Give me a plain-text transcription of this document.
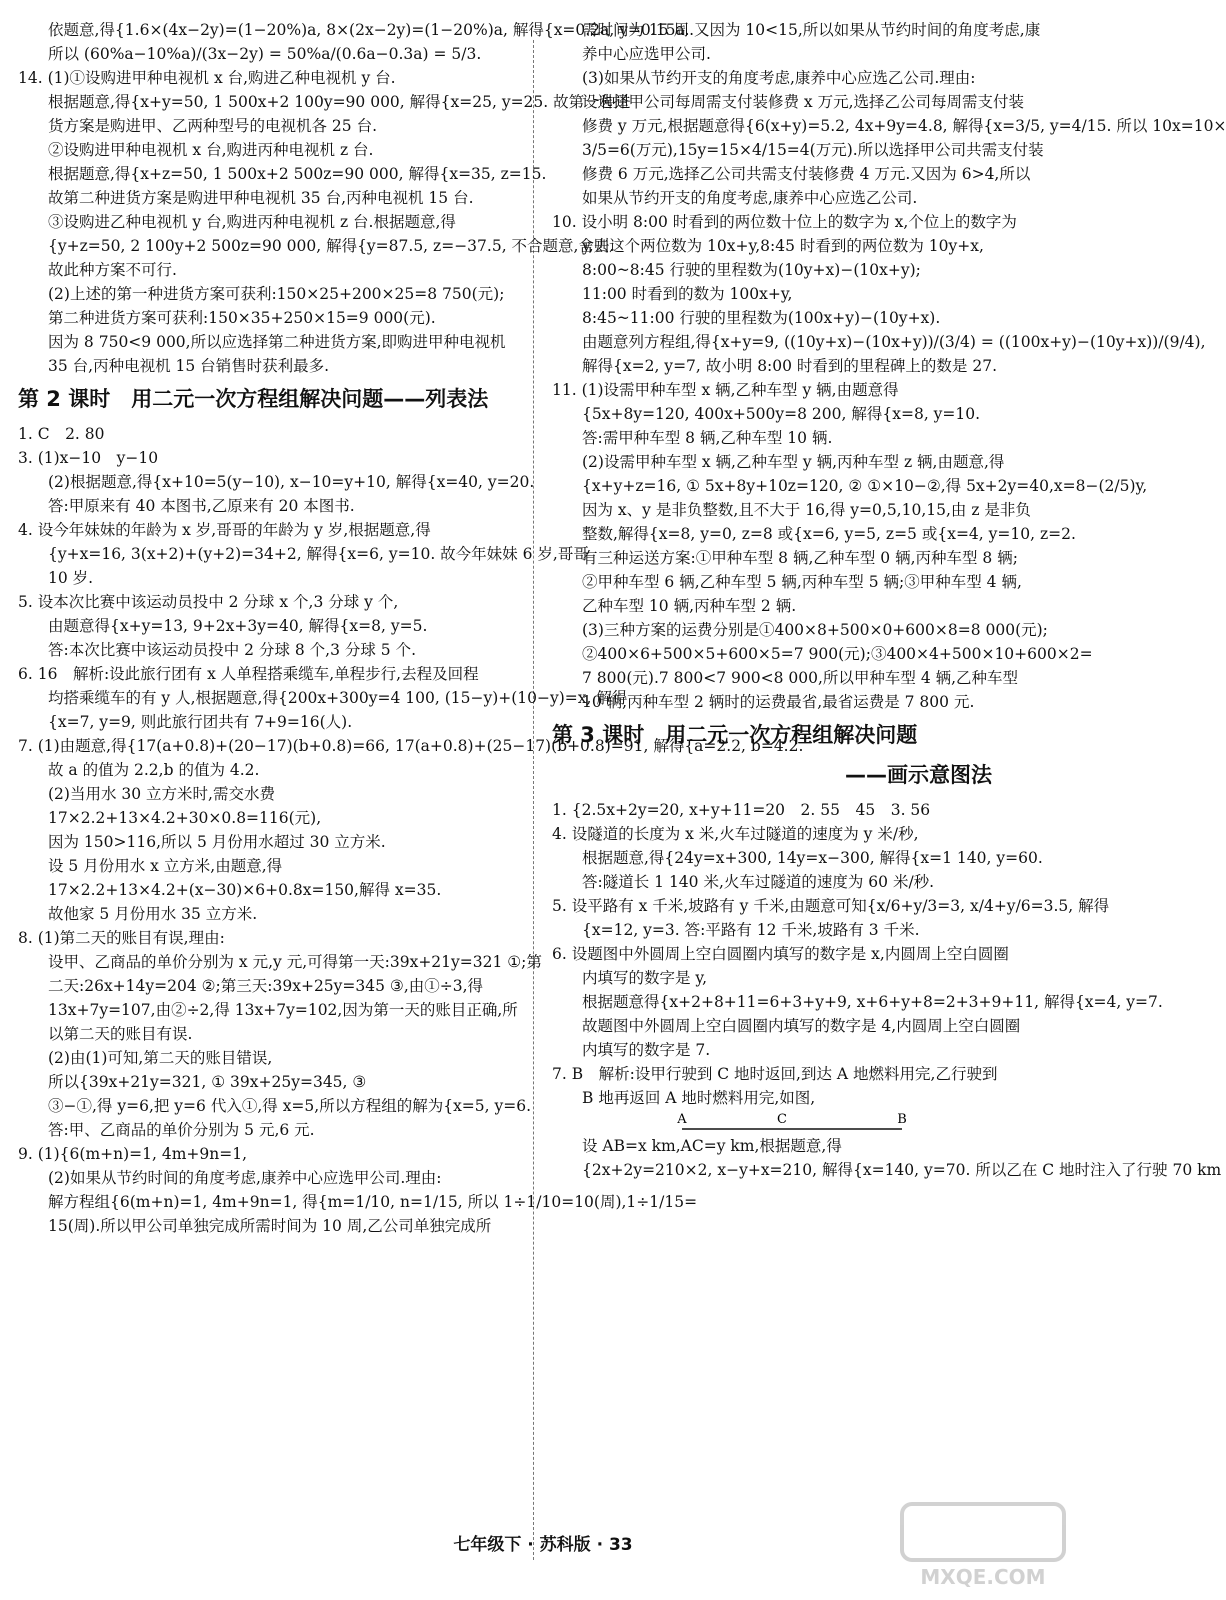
依题意,得{1.6×(4x−2y)=(1−20%)a, 8×(2x−2y)=(1−20%)a, 解得{x=0.2a, y=0.15a.
所以 (60%a−10%a)/(3x−2y) = 50%a/(0.6a−0.3a) = 5/3.
14. (1)①设购进甲种电视机 x 台,购进乙种电视机 y 台.
根据题意,得{x+y=50, 1 500x+2 100y=90 000, 解得{x=25, y=25. 故第一种进
货方案是购进甲、乙两种型号的电视机各 25 台.
②设购进甲种电视机 x 台,购进丙种电视机 z 台.
根据题意,得{x+z=50, 1 500x+2 500z=90 000, 解得{x=35, z=15.
故第二种进货方案是购进甲种电视机 35 台,丙种电视机 15 台.
③设购进乙种电视机 y 台,购进丙种电视机 z 台.根据题意,得
{y+z=50, 2 100y+2 500z=90 000, 解得{y=87.5, z=−37.5, 不合题意,舍去.
故此种方案不可行.
(2)上述的第一种进货方案可获利:150×25+200×25=8 750(元);
第二种进货方案可获利:150×35+250×15=9 000(元).
因为 8 750<9 000,所以应选择第二种进货方案,即购进甲种电视机
35 台,丙种电视机 15 台销售时获利最多.
第 2 课时　用二元一次方程组解决问题——列表法
1. C　2. 80
3. (1)x−10　y−10
(2)根据题意,得{x+10=5(y−10), x−10=y+10, 解得{x=40, y=20.
答:甲原来有 40 本图书,乙原来有 20 本图书.
4. 设今年妹妹的年龄为 x 岁,哥哥的年龄为 y 岁,根据题意,得
{y+x=16, 3(x+2)+(y+2)=34+2, 解得{x=6, y=10. 故今年妹妹 6 岁,哥哥
10 岁.
5. 设本次比赛中该运动员投中 2 分球 x 个,3 分球 y 个,
由题意得{x+y=13, 9+2x+3y=40, 解得{x=8, y=5.
答:本次比赛中该运动员投中 2 分球 8 个,3 分球 5 个.
6. 16　解析:设此旅行团有 x 人单程搭乘缆车,单程步行,去程及回程
均搭乘缆车的有 y 人,根据题意,得{200x+300y=4 100, (15−y)+(10−y)=x, 解得
{x=7, y=9, 则此旅行团共有 7+9=16(人).
7. (1)由题意,得{17(a+0.8)+(20−17)(b+0.8)=66, 17(a+0.8)+(25−17)(b+0.8)=91, 解得{a=2.2, b=4.2.
故 a 的值为 2.2,b 的值为 4.2.
(2)当用水 30 立方米时,需交水费
17×2.2+13×4.2+30×0.8=116(元),
因为 150>116,所以 5 月份用水超过 30 立方米.
设 5 月份用水 x 立方米,由题意,得
17×2.2+13×4.2+(x−30)×6+0.8x=150,解得 x=35.
故他家 5 月份用水 35 立方米.
8. (1)第二天的账目有误,理由:
设甲、乙商品的单价分别为 x 元,y 元,可得第一天:39x+21y=321 ①;第
二天:26x+14y=204 ②;第三天:39x+25y=345 ③,由①÷3,得
13x+7y=107,由②÷2,得 13x+7y=102,因为第一天的账目正确,所
以第二天的账目有误.
(2)由(1)可知,第二天的账目错误,
所以{39x+21y=321, ① 39x+25y=345, ③
③−①,得 y=6,把 y=6 代入①,得 x=5,所以方程组的解为{x=5, y=6.
答:甲、乙商品的单价分别为 5 元,6 元.
9. (1){6(m+n)=1, 4m+9n=1,
(2)如果从节约时间的角度考虑,康养中心应选甲公司.理由:
解方程组{6(m+n)=1, 4m+9n=1, 得{m=1/10, n=1/15, 所以 1÷1/10=10(周),1÷1/15=
15(周).所以甲公司单独完成所需时间为 10 周,乙公司单独完成所
需时间为 15 周.又因为 10<15,所以如果从节约时间的角度考虑,康
养中心应选甲公司.
(3)如果从节约开支的角度考虑,康养中心应选乙公司.理由:
设选择甲公司每周需支付装修费 x 万元,选择乙公司每周需支付装
修费 y 万元,根据题意得{6(x+y)=5.2, 4x+9y=4.8, 解得{x=3/5, y=4/15. 所以 10x=10×
3/5=6(万元),15y=15×4/15=4(万元).所以选择甲公司共需支付装
修费 6 万元,选择乙公司共需支付装修费 4 万元.又因为 6>4,所以
如果从节约开支的角度考虑,康养中心应选乙公司.
10. 设小明 8:00 时看到的两位数十位上的数字为 x,个位上的数字为
y,则这个两位数为 10x+y,8:45 时看到的两位数为 10y+x,
8:00~8:45 行驶的里程数为(10y+x)−(10x+y);
11:00 时看到的数为 100x+y,
8:45~11:00 行驶的里程数为(100x+y)−(10y+x).
由题意列方程组,得{x+y=9, ((10y+x)−(10x+y))/(3/4) = ((100x+y)−(10y+x))/(9/4),
解得{x=2, y=7, 故小明 8:00 时看到的里程碑上的数是 27.
11. (1)设需甲种车型 x 辆,乙种车型 y 辆,由题意得
{5x+8y=120, 400x+500y=8 200, 解得{x=8, y=10.
答:需甲种车型 8 辆,乙种车型 10 辆.
(2)设需甲种车型 x 辆,乙种车型 y 辆,丙种车型 z 辆,由题意,得
{x+y+z=16, ① 5x+8y+10z=120, ② ①×10−②,得 5x+2y=40,x=8−(2/5)y,
因为 x、y 是非负整数,且不大于 16,得 y=0,5,10,15,由 z 是非负
整数,解得{x=8, y=0, z=8 或{x=6, y=5, z=5 或{x=4, y=10, z=2.
有三种运送方案:①甲种车型 8 辆,乙种车型 0 辆,丙种车型 8 辆;
②甲种车型 6 辆,乙种车型 5 辆,丙种车型 5 辆;③甲种车型 4 辆,
乙种车型 10 辆,丙种车型 2 辆.
(3)三种方案的运费分别是①400×8+500×0+600×8=8 000(元);
②400×6+500×5+600×5=7 900(元);③400×4+500×10+600×2=
7 800(元).7 800<7 900<8 000,所以甲种车型 4 辆,乙种车型
10 辆,丙种车型 2 辆时的运费最省,最省运费是 7 800 元.
第 3 课时　用二元一次方程组解决问题
——画示意图法
1. {2.5x+2y=20, x+y+11=20　2. 55　45　3. 56
4. 设隧道的长度为 x 米,火车过隧道的速度为 y 米/秒,
根据题意,得{24y=x+300, 14y=x−300, 解得{x=1 140, y=60.
答:隧道长 1 140 米,火车过隧道的速度为 60 米/秒.
5. 设平路有 x 千米,坡路有 y 千米,由题意可知{x/6+y/3=3, x/4+y/6=3.5, 解得
{x=12, y=3. 答:平路有 12 千米,坡路有 3 千米.
6. 设题图中外圆周上空白圆圈内填写的数字是 x,内圆周上空白圆圈
内填写的数字是 y,
根据题意得{x+2+8+11=6+3+y+9, x+6+y+8=2+3+9+11, 解得{x=4, y=7.
故题图中外圆周上空白圆圈内填写的数字是 4,内圆周上空白圆圈
内填写的数字是 7.
7. B　解析:设甲行驶到 C 地时返回,到达 A 地燃料用完,乙行驶到
B 地再返回 A 地时燃料用完,如图,
A	C	B
设 AB=x km,AC=y km,根据题意,得
{2x+2y=210×2, x−y+x=210, 解得{x=140, y=70. 所以乙在 C 地时注入了行驶 70 km
七年级下 · 苏科版 · 33
MXQE.COM
